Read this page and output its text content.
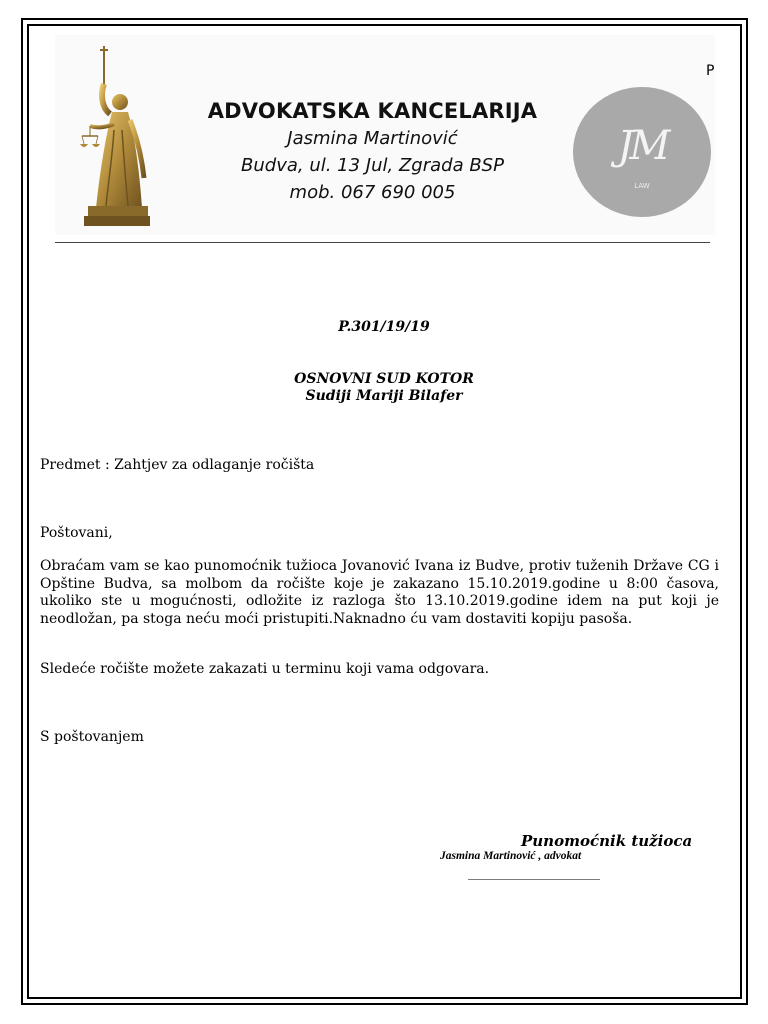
P
ADVOKATSKA KANCELARIJA
Jasmina Martinović
Budva, ul. 13 Jul, Zgrada BSP
mob. 067 690 005
JM
LAW
P.301/19/19
OSNOVNI SUD KOTOR
Sudiji Mariji Bilafer
Predmet : Zahtjev za odlaganje ročišta
Poštovani,

Obraćam vam se kao punomoćnik tužioca Jovanović Ivana iz Budve, protiv tuženih Države CG i Opštine Budva, sa molbom da ročište koje je zakazano 15.10.2019.godine u 8:00 časova, ukoliko ste u mogućnosti, odložite iz razloga što 13.10.2019.godine idem na put koji je neodložan, pa stoga neću moći pristupiti.Naknadno ću vam dostaviti kopiju pasoša.

Sledeće ročište možete zakazati u terminu koji vama odgovara.
S poštovanjem
Punomoćnik tužioca
Jasmina Martinović , advokat
________________________
